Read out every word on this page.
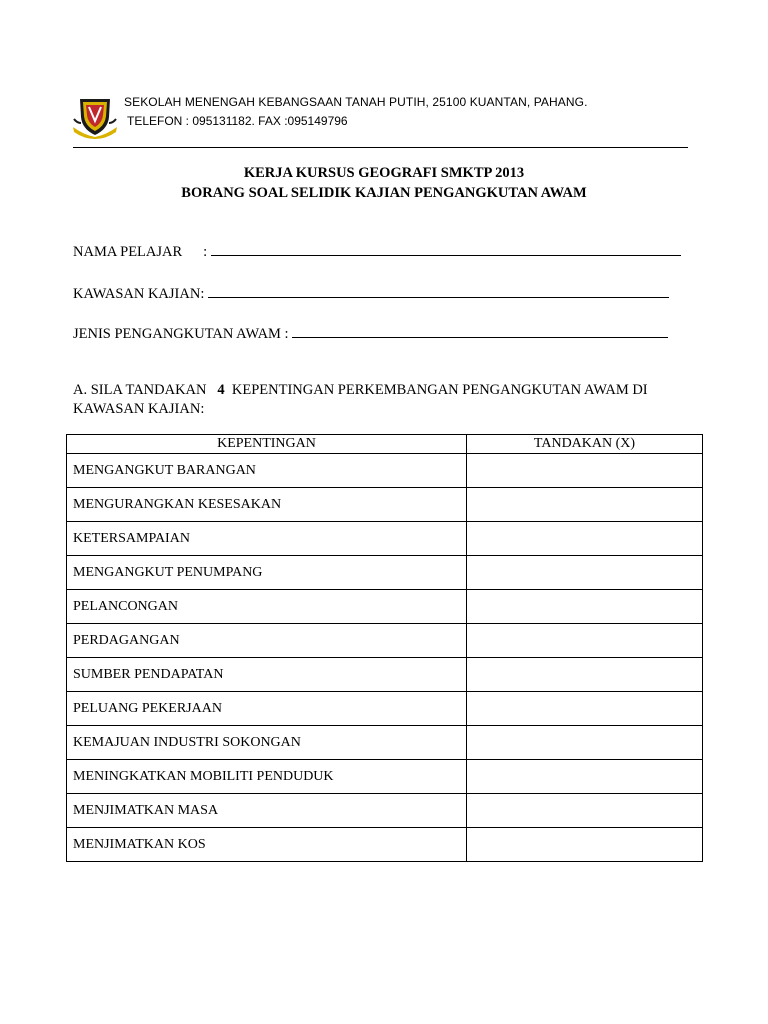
SEKOLAH MENENGAH KEBANGSAAN TANAH PUTIH, 25100 KUANTAN, PAHANG.
TELEFON : 095131182. FAX :095149796
KERJA KURSUS GEOGRAFI SMKTP 2013
BORANG SOAL SELIDIK KAJIAN PENGANGKUTAN AWAM
NAMA PELAJAR :
KAWASAN KAJIAN:
JENIS PENGANGKUTAN AWAM :
A. SILA TANDAKAN 4 KEPENTINGAN PERKEMBANGAN PENGANGKUTAN AWAM DI KAWASAN KAJIAN:
KEPENTINGAN	TANDAKAN (X)
MENGANGKUT BARANGAN	
MENGURANGKAN KESESAKAN	
KETERSAMPAIAN	
MENGANGKUT PENUMPANG	
PELANCONGAN	
PERDAGANGAN	
SUMBER PENDAPATAN	
PELUANG PEKERJAAN	
KEMAJUAN INDUSTRI SOKONGAN	
MENINGKATKAN MOBILITI PENDUDUK	
MENJIMATKAN MASA	
MENJIMATKAN KOS	
